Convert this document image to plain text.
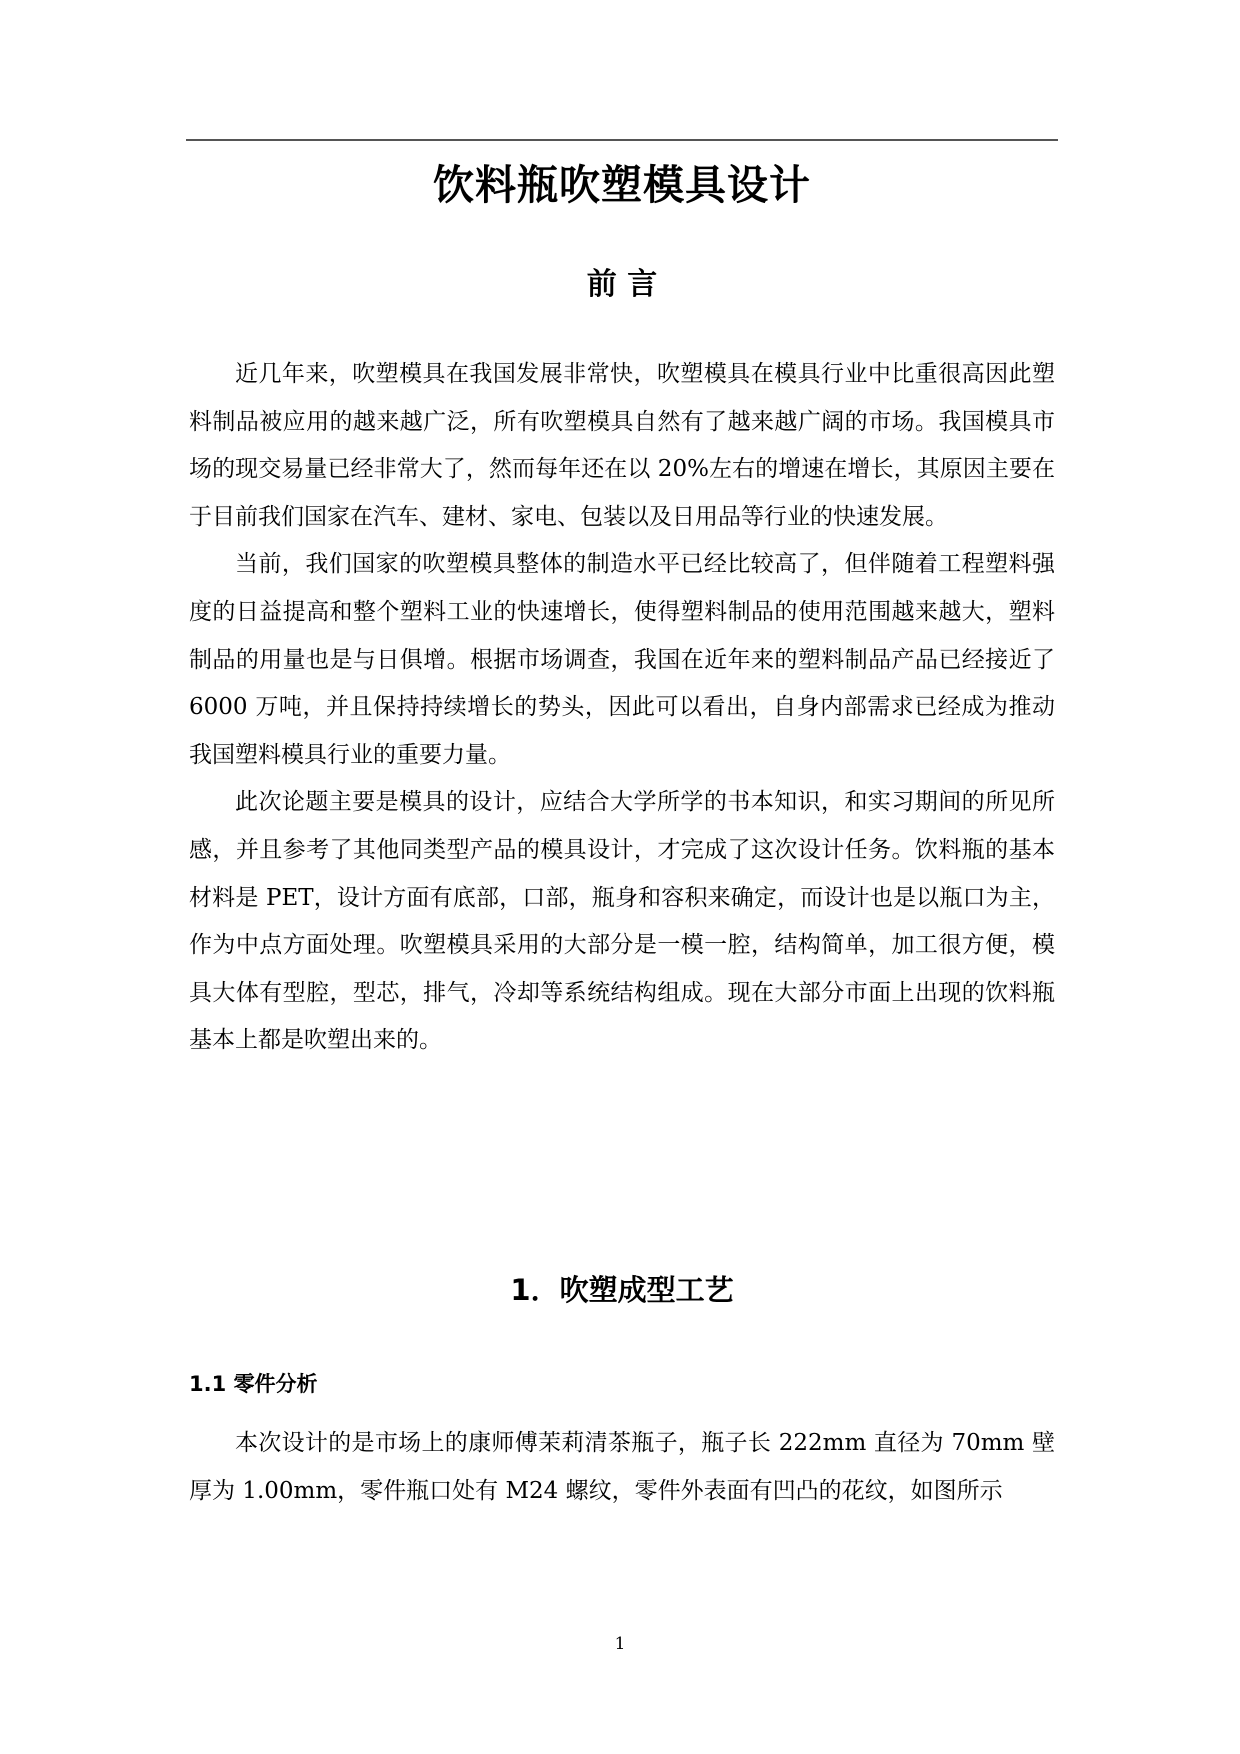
饮料瓶吹塑模具设计
前 言

近几年来，吹塑模具在我国发展非常快，吹塑模具在模具行业中比重很高因此塑料制品被应用的越来越广泛，所有吹塑模具自然有了越来越广阔的市场。我国模具市场的现交易量已经非常大了，然而每年还在以 20%左右的增速在增长，其原因主要在于目前我们国家在汽车、建材、家电、包装以及日用品等行业的快速发展。

当前，我们国家的吹塑模具整体的制造水平已经比较高了，但伴随着工程塑料强度的日益提高和整个塑料工业的快速增长，使得塑料制品的使用范围越来越大，塑料制品的用量也是与日俱增。根据市场调查，我国在近年来的塑料制品产品已经接近了 6000 万吨，并且保持持续增长的势头，因此可以看出，自身内部需求已经成为推动我国塑料模具行业的重要力量。

此次论题主要是模具的设计，应结合大学所学的书本知识，和实习期间的所见所感，并且参考了其他同类型产品的模具设计，才完成了这次设计任务。饮料瓶的基本材料是 PET，设计方面有底部，口部，瓶身和容积来确定，而设计也是以瓶口为主，作为中点方面处理。吹塑模具采用的大部分是一模一腔，结构简单，加工很方便，模具大体有型腔，型芯，排气，冷却等系统结构组成。现在大部分市面上出现的饮料瓶基本上都是吹塑出来的。

1．吹塑成型工艺
1.1 零件分析

本次设计的是市场上的康师傅茉莉清茶瓶子，瓶子长 222mm 直径为 70mm 壁厚为 1.00mm，零件瓶口处有 M24 螺纹，零件外表面有凹凸的花纹，如图所示

1
